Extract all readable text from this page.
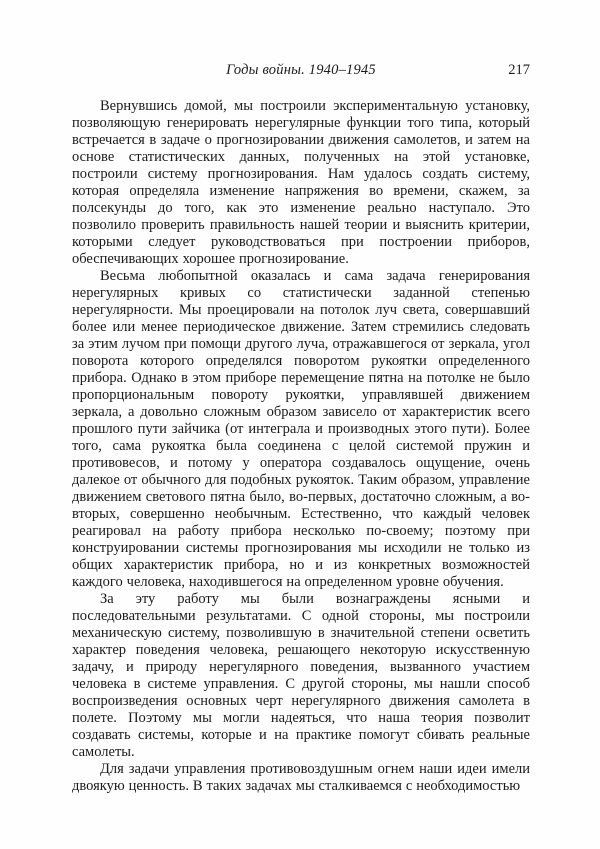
Годы войны. 1940–1945	217

Вернувшись домой, мы построили экспериментальную установку, позволяющую генерировать нерегулярные функции того типа, который встречается в задаче о прогнозировании движения самолетов, и затем на основе статистических данных, полученных на этой установке, построили систему прогнозирования. Нам удалось создать систему, которая определяла изменение напряжения во времени, скажем, за полсекунды до того, как это изменение реально наступало. Это позволило проверить правильность нашей теории и выяснить критерии, которыми следует руководствоваться при построении приборов, обеспечивающих хорошее прогнозирование.

Весьма любопытной оказалась и сама задача генерирования нерегулярных кривых со статистически заданной степенью нерегулярности. Мы проецировали на потолок луч света, совершавший более или менее периодическое движение. Затем стремились следовать за этим лучом при помощи другого луча, отражавшегося от зеркала, угол поворота которого определялся поворотом рукоятки определенного прибора. Однако в этом приборе перемещение пятна на потолке не было пропорциональным повороту рукоятки, управлявшей движением зеркала, а довольно сложным образом зависело от характеристик всего прошлого пути зайчика (от интеграла и производных этого пути). Более того, сама рукоятка была соединена с целой системой пружин и противовесов, и потому у оператора создавалось ощущение, очень далекое от обычного для подобных рукояток. Таким образом, управление движением светового пятна было, во-первых, достаточно сложным, а во-вторых, совершенно необычным. Естественно, что каждый человек реагировал на работу прибора несколько по-своему; поэтому при конструировании системы прогнозирования мы исходили не только из общих характеристик прибора, но и из конкретных возможностей каждого человека, находившегося на определенном уровне обучения.

За эту работу мы были вознаграждены ясными и последовательными результатами. С одной стороны, мы построили механическую систему, позволившую в значительной степени осветить характер поведения человека, решающего некоторую искусственную задачу, и природу нерегулярного поведения, вызванного участием человека в системе управления. С другой стороны, мы нашли способ воспроизведения основных черт нерегулярного движения самолета в полете. Поэтому мы могли надеяться, что наша теория позволит создавать системы, которые и на практике помогут сбивать реальные самолеты.

Для задачи управления противовоздушным огнем наши идеи имели двоякую ценность. В таких задачах мы сталкиваемся с необходимостью
